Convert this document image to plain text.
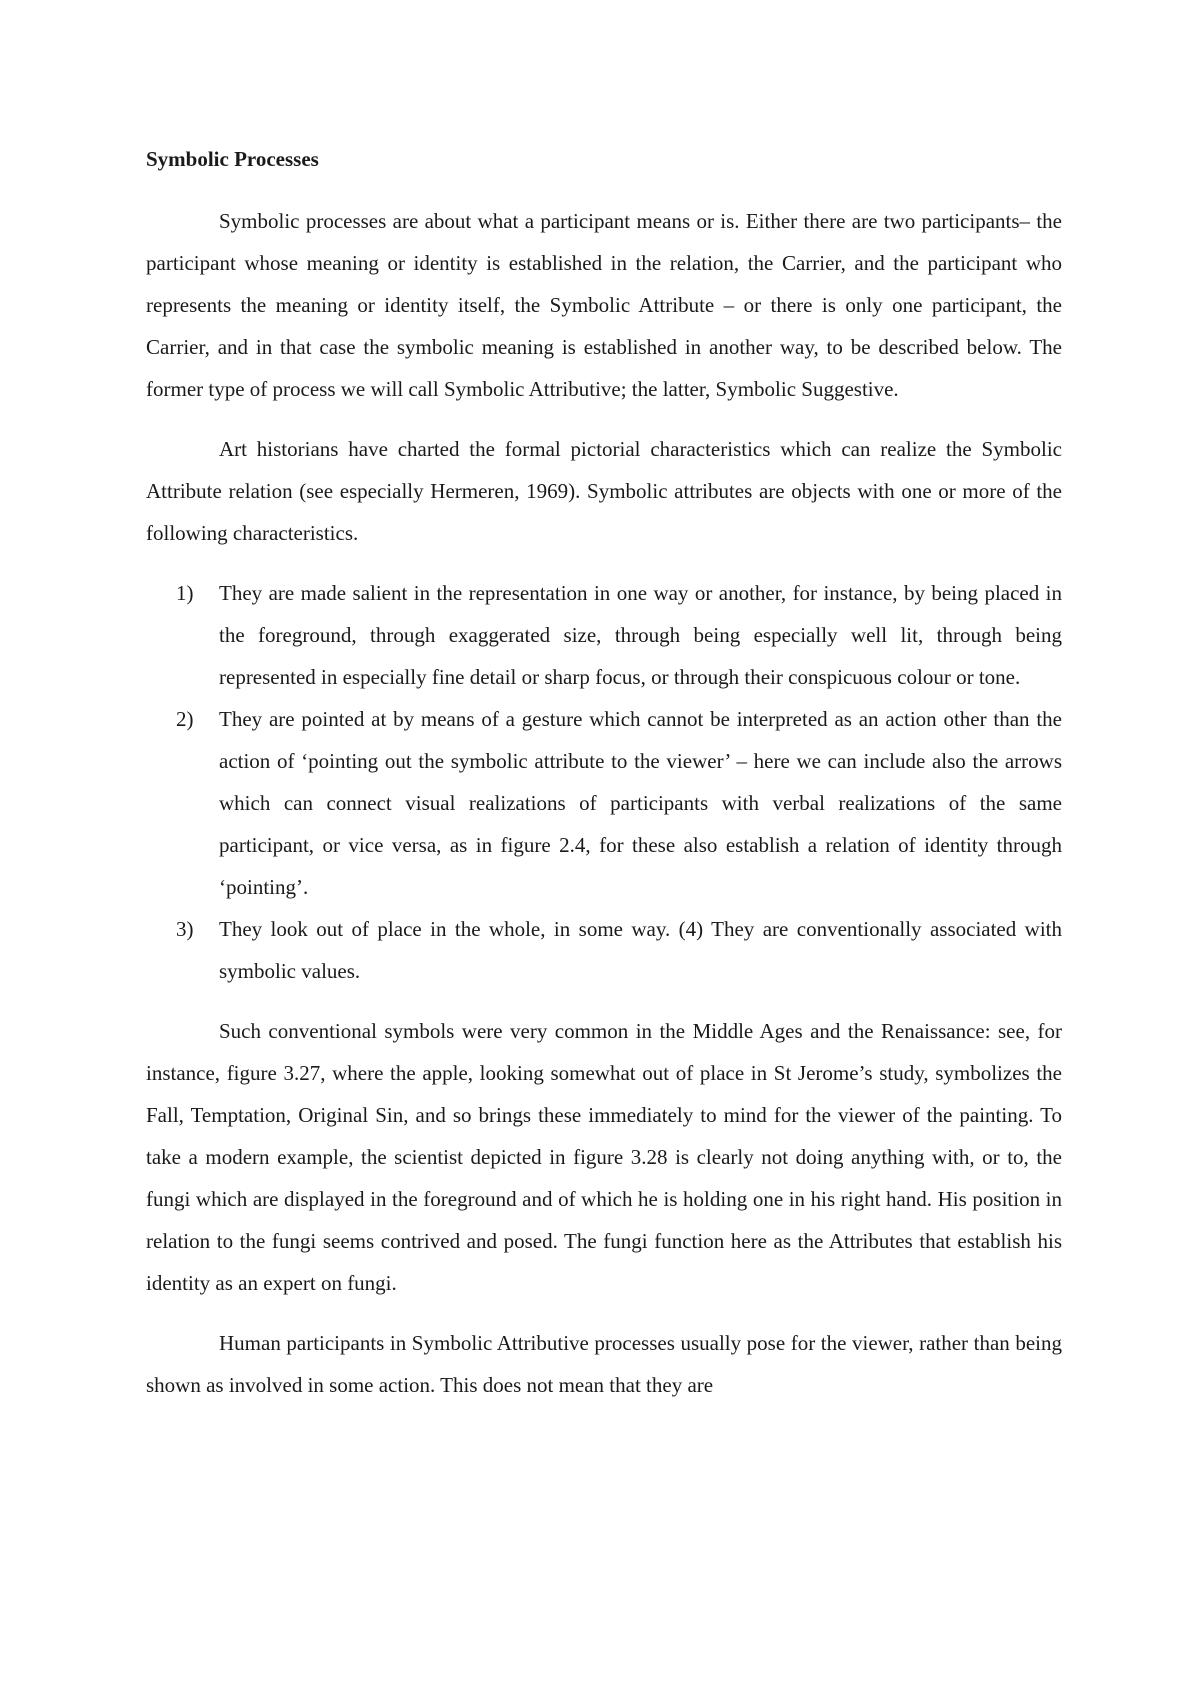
Symbolic Processes

Symbolic processes are about what a participant means or is. Either there are two participants– the participant whose meaning or identity is established in the relation, the Carrier, and the participant who represents the meaning or identity itself, the Symbolic Attribute – or there is only one participant, the Carrier, and in that case the symbolic meaning is established in another way, to be described below. The former type of process we will call Symbolic Attributive; the latter, Symbolic Suggestive.

Art historians have charted the formal pictorial characteristics which can realize the Symbolic Attribute relation (see especially Hermeren, 1969). Symbolic attributes are objects with one or more of the following characteristics.

1) They are made salient in the representation in one way or another, for instance, by being placed in the foreground, through exaggerated size, through being especially well lit, through being represented in especially fine detail or sharp focus, or through their conspicuous colour or tone.
2) They are pointed at by means of a gesture which cannot be interpreted as an action other than the action of ‘pointing out the symbolic attribute to the viewer’ – here we can include also the arrows which can connect visual realizations of participants with verbal realizations of the same participant, or vice versa, as in figure 2.4, for these also establish a relation of identity through ‘pointing’.
3) They look out of place in the whole, in some way. (4) They are conventionally associated with symbolic values.

Such conventional symbols were very common in the Middle Ages and the Renaissance: see, for instance, figure 3.27, where the apple, looking somewhat out of place in St Jerome’s study, symbolizes the Fall, Temptation, Original Sin, and so brings these immediately to mind for the viewer of the painting. To take a modern example, the scientist depicted in figure 3.28 is clearly not doing anything with, or to, the fungi which are displayed in the foreground and of which he is holding one in his right hand. His position in relation to the fungi seems contrived and posed. The fungi function here as the Attributes that establish his identity as an expert on fungi.

Human participants in Symbolic Attributive processes usually pose for the viewer, rather than being shown as involved in some action. This does not mean that they are
